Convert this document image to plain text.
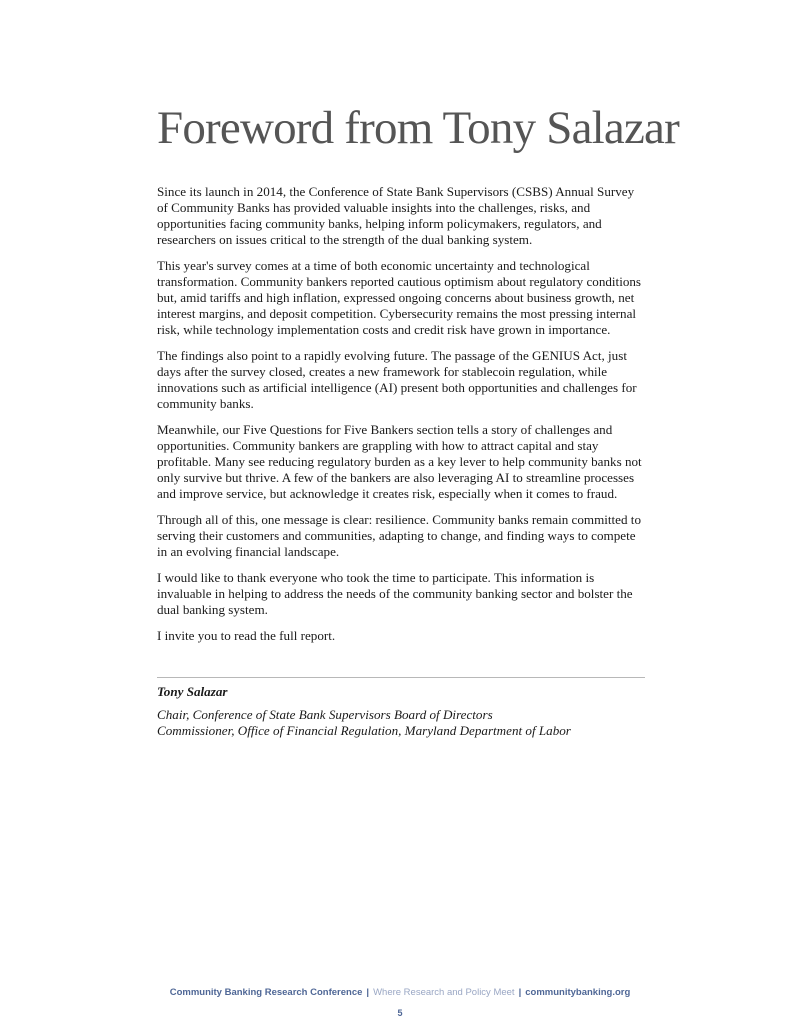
Foreword from Tony Salazar

Since its launch in 2014, the Conference of State Bank Supervisors (CSBS) Annual Survey of Community Banks has provided valuable insights into the challenges, risks, and opportunities facing community banks, helping inform policymakers, regulators, and researchers on issues critical to the strength of the dual banking system.

This year's survey comes at a time of both economic uncertainty and technological transformation. Community bankers reported cautious optimism about regulatory conditions but, amid tariffs and high inflation, expressed ongoing concerns about business growth, net interest margins, and deposit competition. Cybersecurity remains the most pressing internal risk, while technology implementation costs and credit risk have grown in importance.

The findings also point to a rapidly evolving future. The passage of the GENIUS Act, just days after the survey closed, creates a new framework for stablecoin regulation, while innovations such as artificial intelligence (AI) present both opportunities and challenges for community banks.

Meanwhile, our Five Questions for Five Bankers section tells a story of challenges and opportunities. Community bankers are grappling with how to attract capital and stay profitable. Many see reducing regulatory burden as a key lever to help community banks not only survive but thrive. A few of the bankers are also leveraging AI to streamline processes and improve service, but acknowledge it creates risk, especially when it comes to fraud.

Through all of this, one message is clear: resilience. Community banks remain committed to serving their customers and communities, adapting to change, and finding ways to compete in an evolving financial landscape.

I would like to thank everyone who took the time to participate. This information is invaluable in helping to address the needs of the community banking sector and bolster the dual banking system.

I invite you to read the full report.

Tony Salazar

Chair, Conference of State Bank Supervisors Board of Directors

Commissioner, Office of Financial Regulation, Maryland Department of Labor

Community Banking Research Conference | Where Research and Policy Meet | communitybanking.org
5
